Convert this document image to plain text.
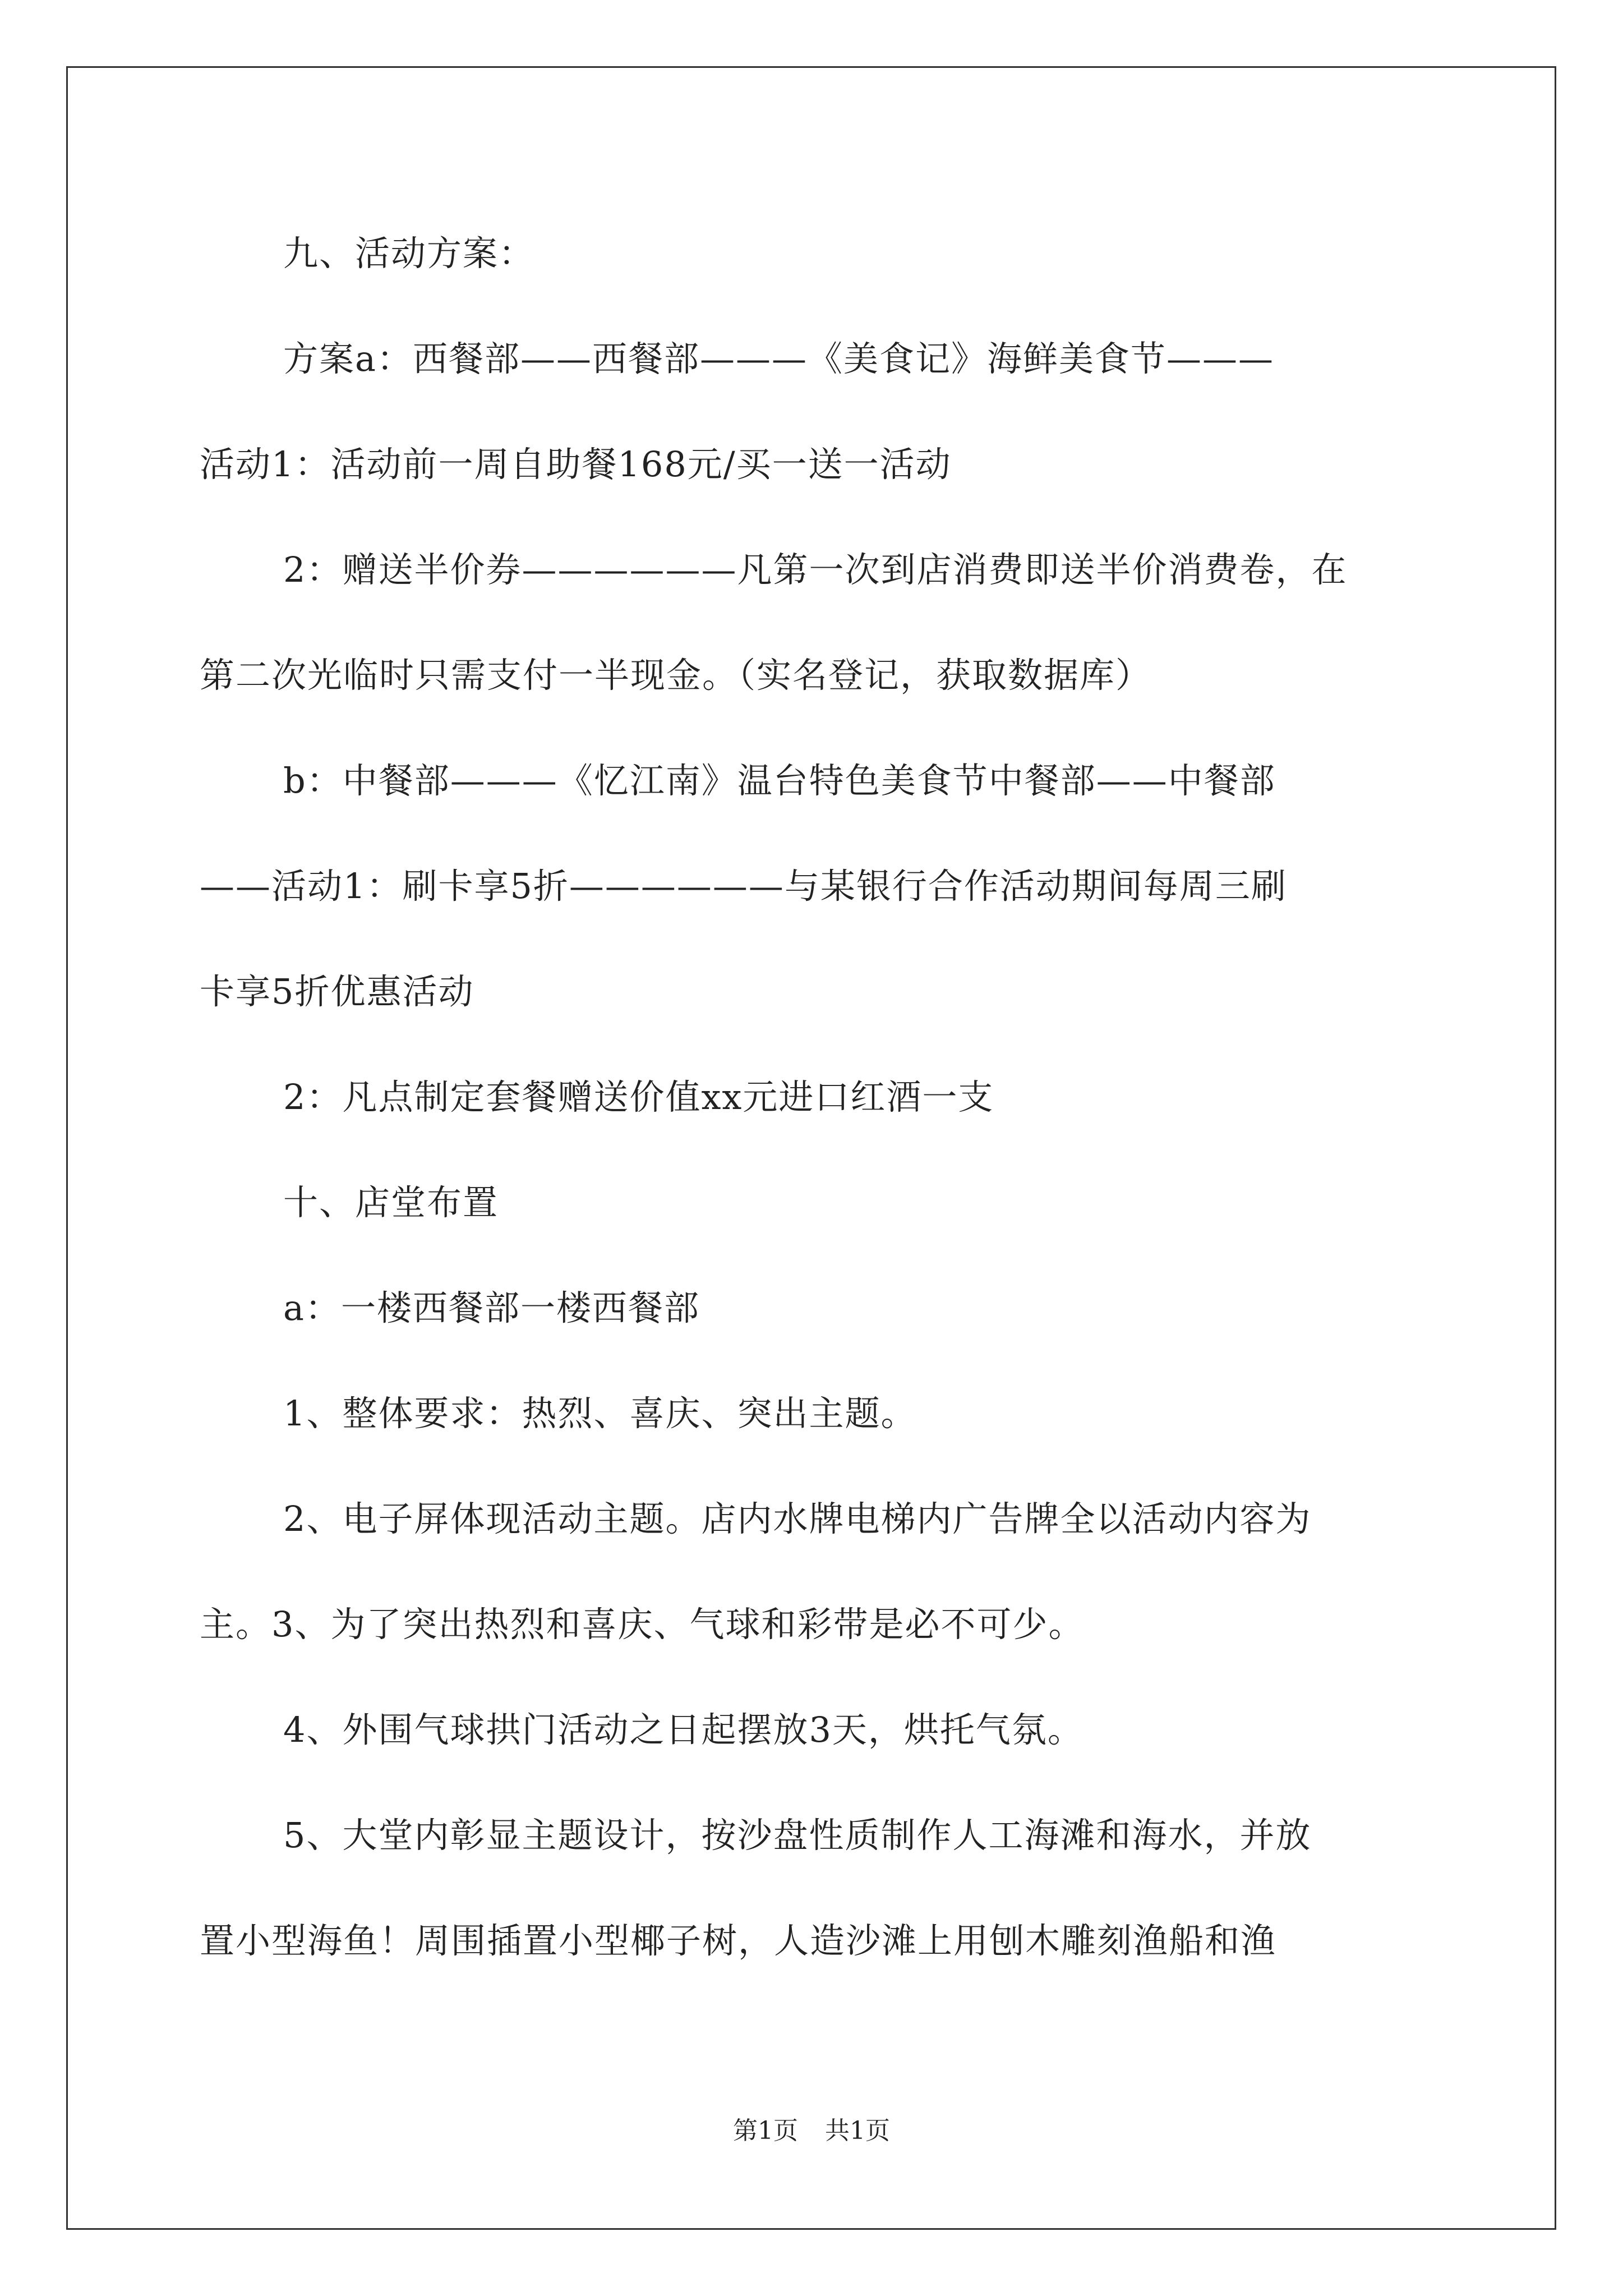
九、活动方案：
方案a：西餐部——西餐部———《美食记》海鲜美食节———
活动1：活动前一周自助餐168元/买一送一活动
2：赠送半价券——————凡第一次到店消费即送半价消费卷，在
第二次光临时只需支付一半现金。（实名登记，获取数据库）
b：中餐部———《忆江南》温台特色美食节中餐部——中餐部
——活动1：刷卡享5折——————与某银行合作活动期间每周三刷
卡享5折优惠活动
2：凡点制定套餐赠送价值xx元进口红酒一支
十、店堂布置
a：一楼西餐部一楼西餐部
1、整体要求：热烈、喜庆、突出主题。
2、电子屏体现活动主题。店内水牌电梯内广告牌全以活动内容为
主。3、为了突出热烈和喜庆、气球和彩带是必不可少。
4、外围气球拱门活动之日起摆放3天，烘托气氛。
5、大堂内彰显主题设计，按沙盘性质制作人工海滩和海水，并放
置小型海鱼！周围插置小型椰子树，人造沙滩上用刨木雕刻渔船和渔
第1页 共1页
